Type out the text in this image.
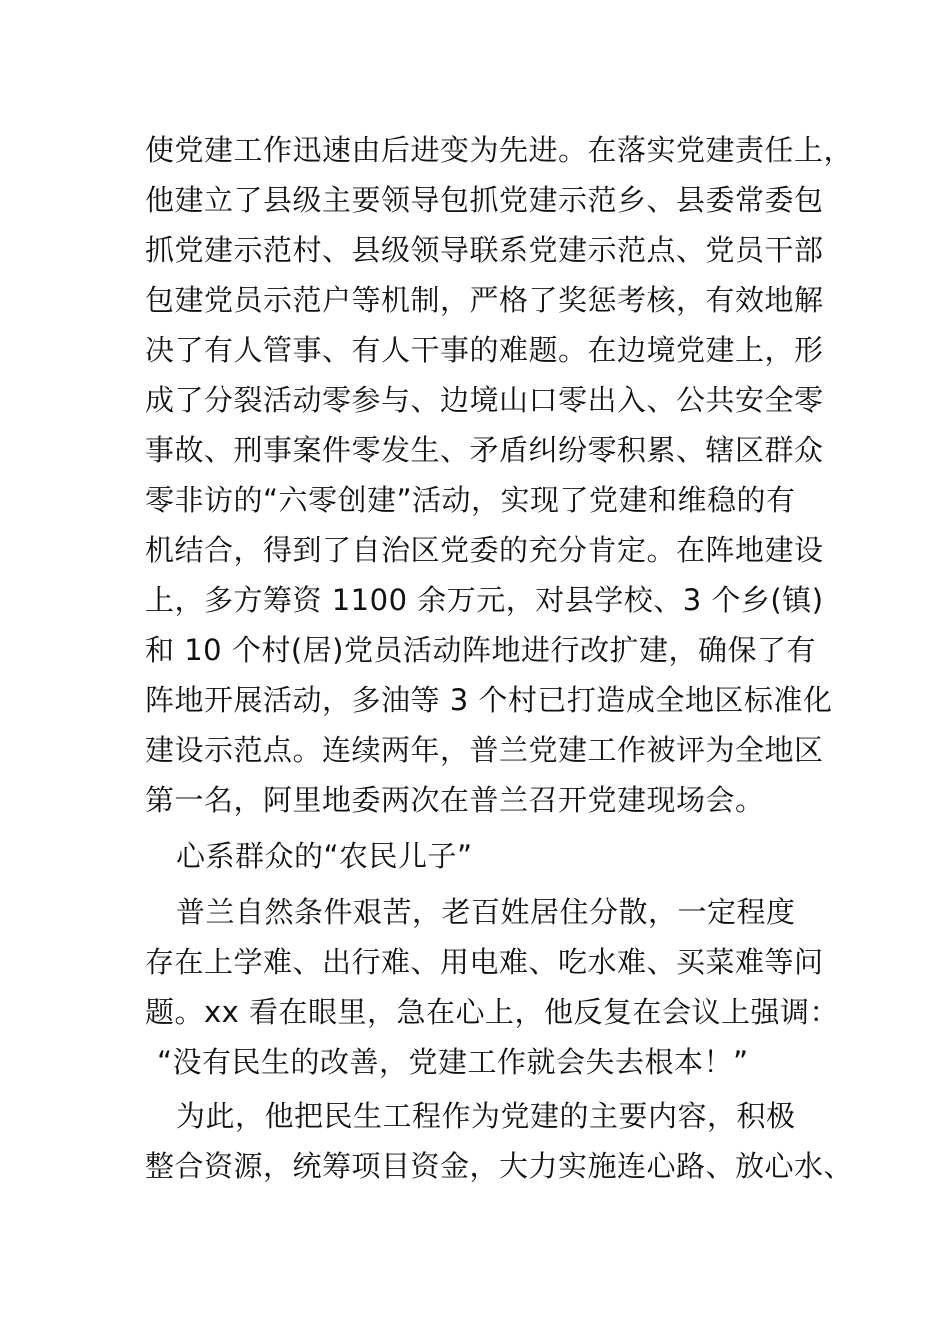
使党建工作迅速由后进变为先进。在落实党建责任上，
他建立了县级主要领导包抓党建示范乡、县委常委包
抓党建示范村、县级领导联系党建示范点、党员干部
包建党员示范户等机制，严格了奖惩考核，有效地解
决了有人管事、有人干事的难题。在边境党建上，形
成了分裂活动零参与、边境山口零出入、公共安全零
事故、刑事案件零发生、矛盾纠纷零积累、辖区群众
零非访的“六零创建”活动，实现了党建和维稳的有
机结合，得到了自治区党委的充分肯定。在阵地建设
上，多方筹资 1100 余万元，对县学校、3 个乡(镇)
和 10 个村(居)党员活动阵地进行改扩建，确保了有
阵地开展活动，多油等 3 个村已打造成全地区标准化
建设示范点。连续两年，普兰党建工作被评为全地区
第一名，阿里地委两次在普兰召开党建现场会。
心系群众的“农民儿子”
普兰自然条件艰苦，老百姓居住分散，一定程度
存在上学难、出行难、用电难、吃水难、买菜难等问
题。xx 看在眼里，急在心上，他反复在会议上强调：
“没有民生的改善，党建工作就会失去根本！”
为此，他把民生工程作为党建的主要内容，积极
整合资源，统筹项目资金，大力实施连心路、放心水、
